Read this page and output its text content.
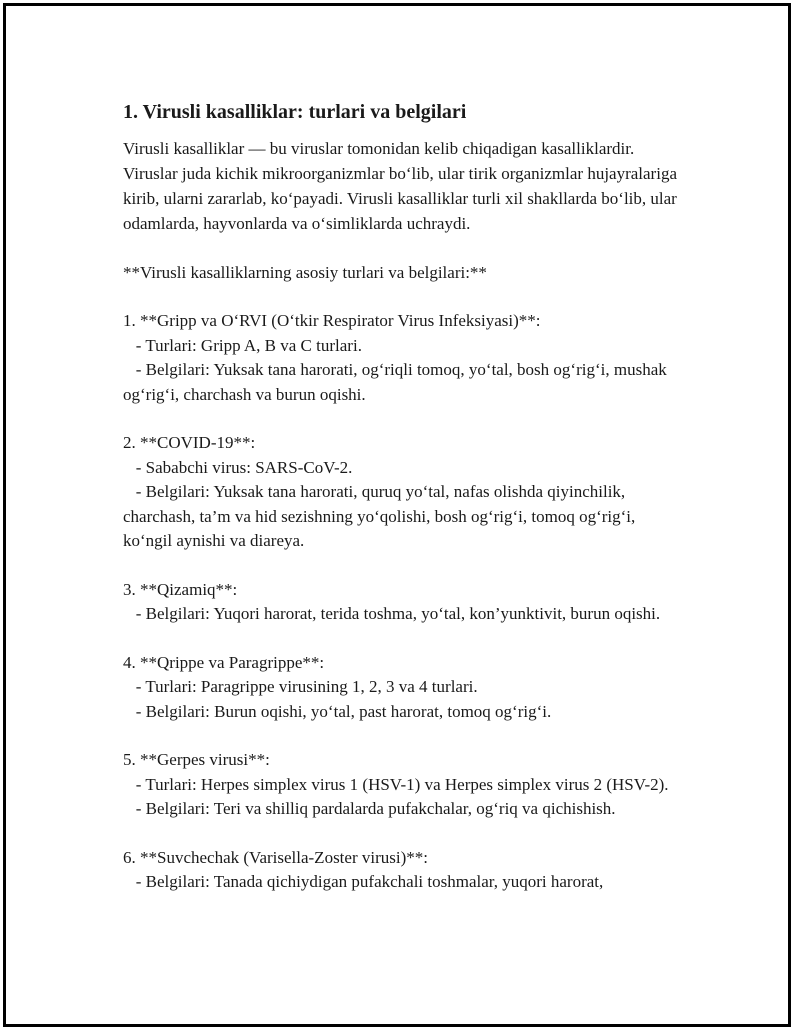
1. Virusli kasalliklar: turlari va belgilari

Virusli kasalliklar — bu viruslar tomonidan kelib chiqadigan kasalliklardir. Viruslar juda kichik mikroorganizmlar bo‘lib, ular tirik organizmlar hujayralariga kirib, ularni zararlab, ko‘payadi. Virusli kasalliklar turli xil shakllarda bo‘lib, ular odamlarda, hayvonlarda va o‘simliklarda uchraydi.

**Virusli kasalliklarning asosiy turlari va belgilari:**

1. **Gripp va O‘RVI (O‘tkir Respirator Virus Infeksiyasi)**:

- Turlari: Gripp A, B va C turlari.

- Belgilari: Yuksak tana harorati, og‘riqli tomoq, yo‘tal, bosh og‘rig‘i, mushak og‘rig‘i, charchash va burun oqishi.

2. **COVID-19**:

- Sababchi virus: SARS-CoV-2.

- Belgilari: Yuksak tana harorati, quruq yo‘tal, nafas olishda qiyinchilik, charchash, ta’m va hid sezishning yo‘qolishi, bosh og‘rig‘i, tomoq og‘rig‘i, ko‘ngil aynishi va diareya.

3. **Qizamiq**:

- Belgilari: Yuqori harorat, terida toshma, yo‘tal, kon’yunktivit, burun oqishi.

4. **Qrippe va Paragrippe**:

- Turlari: Paragrippe virusining 1, 2, 3 va 4 turlari.

- Belgilari: Burun oqishi, yo‘tal, past harorat, tomoq og‘rig‘i.

5. **Gerpes virusi**:

- Turlari: Herpes simplex virus 1 (HSV-1) va Herpes simplex virus 2 (HSV-2).

- Belgilari: Teri va shilliq pardalarda pufakchalar, og‘riq va qichishish.

6. **Suvchechak (Varisella-Zoster virusi)**:

- Belgilari: Tanada qichiydigan pufakchali toshmalar, yuqori harorat,
